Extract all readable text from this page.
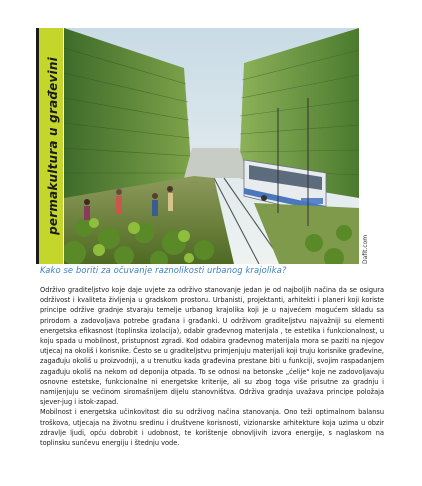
permakultura u građevini
Dafit.com
Kako se boriti za očuvanje raznolikosti urbanog krajolika?

Održivo graditeljstvo koje daje uvjete za održivo stanovanje jedan je od najboljih načina da se osigura održivost i kvaliteta življenja u gradskom prostoru. Urbanisti, projektanti, arhitekti i planeri koji koriste principe održive gradnje stvaraju temelje urbanog krajolika koji je u najvećem mogućem skladu sa prirodom a zadovoljava potrebe građana i građanki. U održivom graditeljstvu najvažniji su elementi energetska efikasnost (toplinska izolacija), odabir građevnog materijala , te estetika i funkcionalnost, u koju spada u mobilnost, pristupnost zgradi. Kod odabira građevnog materijala mora se paziti na njegov utjecaj na okoliš i korisnike. Često se u graditeljstvu primjenjuju materijali koji truju korisnike građevine, zagađuju okoliš u proizvodnji, a u trenutku kada građevina prestane biti u funkciji, svojim raspadanjem zagađuju okoliš na nekom od deponija otpada. To se odnosi na betonske „ćelije" koje ne zadovoljavaju osnovne estetske, funkcionalne ni energetske kriterije, ali su zbog toga više prisutne za gradnju i namijenjuju se većinom siromašnijem dijelu stanovništva. Održiva gradnja uvažava principe položaja sjever-jug i istok-zapad.

Mobilnost i energetska učinkovitost dio su održivog načina stanovanja. Ono teži optimalnom balansu troškova, utjecaja na životnu sredinu i društvene korisnosti, vizionarske arhitekture koja uzima u obzir zdravlje ljudi, opću dobrobit i udobnost, te korištenje obnovljivih izvora energije, s naglaskom na toplinsku sunčevu energiju i štednju vode.
